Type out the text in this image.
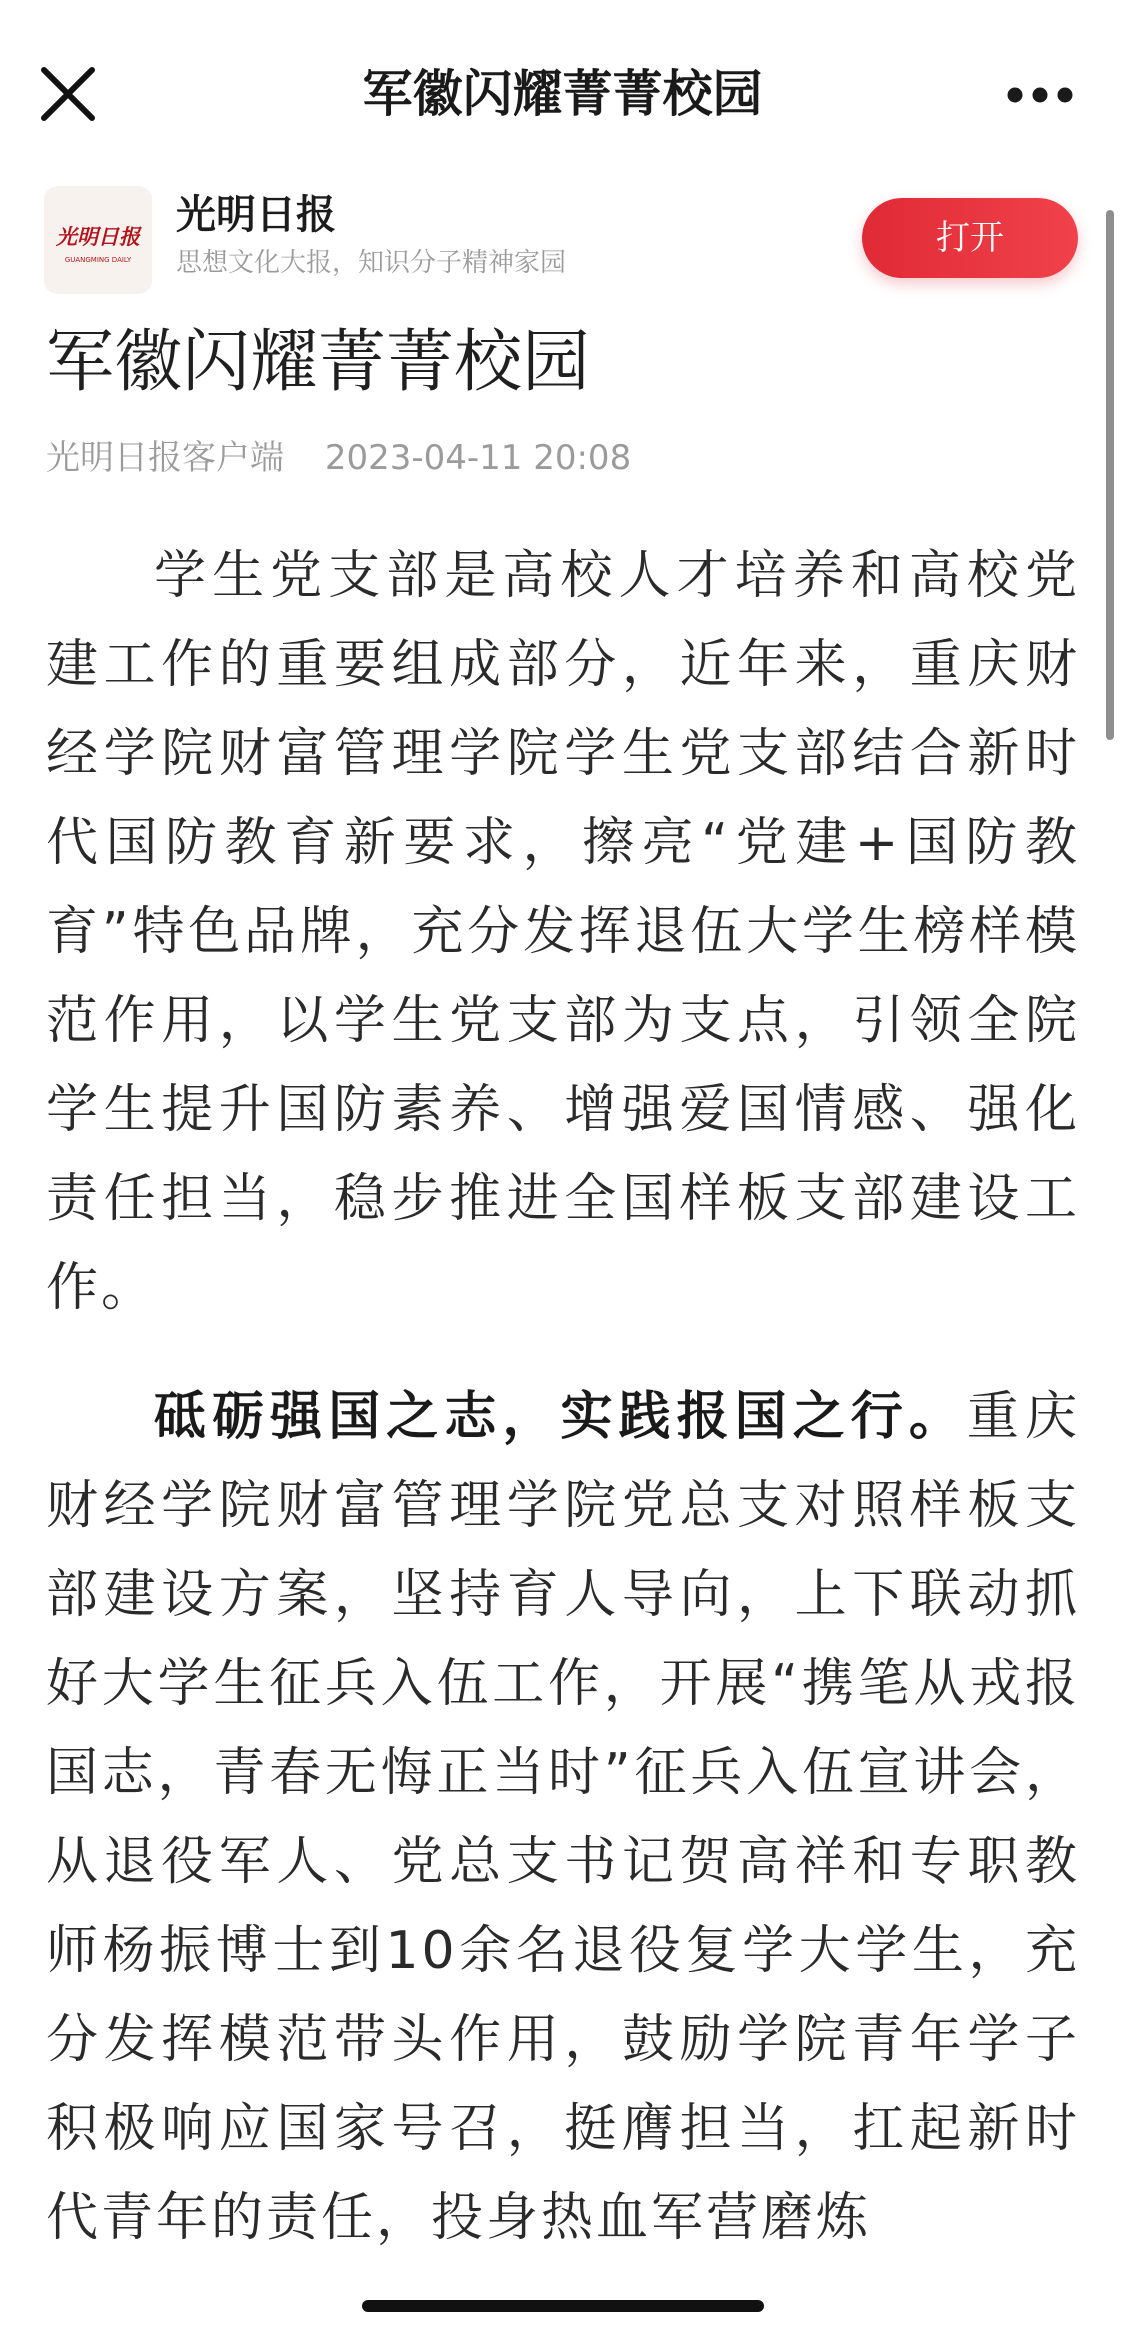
军徽闪耀菁菁校园
光明日报
GUANGMING DAILY
光明日报
思想文化大报，知识分子精神家园
打开
军徽闪耀菁菁校园
光明日报客户端 2023-04-11 20:08

学生党支部是高校人才培养和高校党建工作的重要组成部分，近年来，重庆财经学院财富管理学院学生党支部结合新时代国防教育新要求，擦亮“党建+国防教育”特色品牌，充分发挥退伍大学生榜样模范作用，以学生党支部为支点，引领全院学生提升国防素养、增强爱国情感、强化责任担当，稳步推进全国样板支部建设工作。

砥砺强国之志，实践报国之行。重庆财经学院财富管理学院党总支对照样板支部建设方案，坚持育人导向，上下联动抓好大学生征兵入伍工作，开展“携笔从戎报国志，青春无悔正当时”征兵入伍宣讲会，从退役军人、党总支书记贺高祥和专职教师杨振博士到10余名退役复学大学生，充分发挥模范带头作用，鼓励学院青年学子积极响应国家号召，挺膺担当，扛起新时代青年的责任，投身热血军营磨炼
